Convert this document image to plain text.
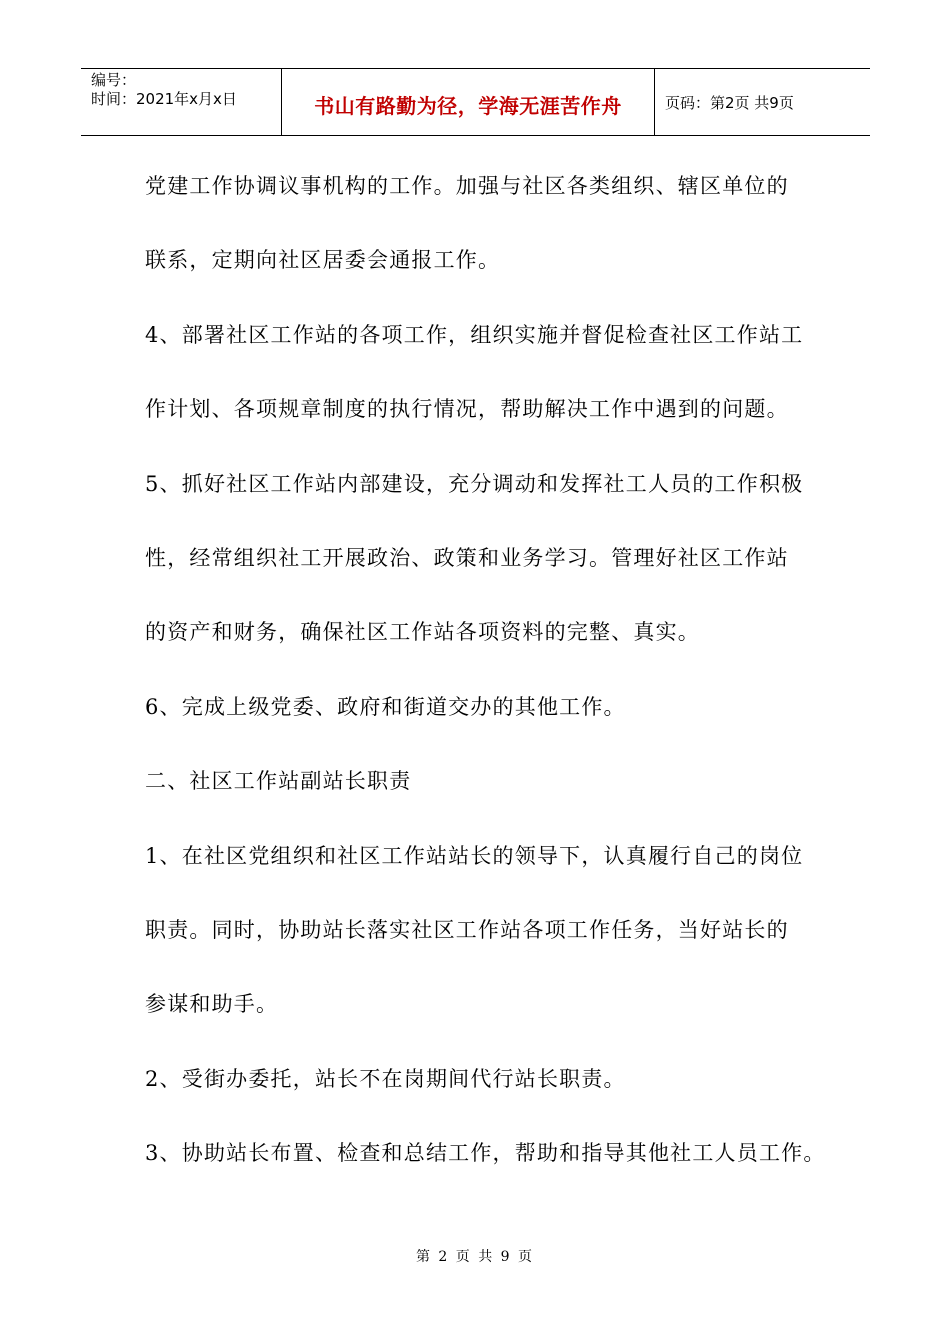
编号：
时间：2021年x月x日	书山有路勤为径，学海无涯苦作舟	页码：第2页 共9页
党建工作协调议事机构的工作。加强与社区各类组织、辖区单位的
联系，定期向社区居委会通报工作。
4、部署社区工作站的各项工作，组织实施并督促检查社区工作站工
作计划、各项规章制度的执行情况，帮助解决工作中遇到的问题。
5、抓好社区工作站内部建设，充分调动和发挥社工人员的工作积极
性，经常组织社工开展政治、政策和业务学习。管理好社区工作站
的资产和财务，确保社区工作站各项资料的完整、真实。
6、完成上级党委、政府和街道交办的其他工作。
二、社区工作站副站长职责
1、在社区党组织和社区工作站站长的领导下，认真履行自己的岗位
职责。同时，协助站长落实社区工作站各项工作任务，当好站长的
参谋和助手。
2、受街办委托，站长不在岗期间代行站长职责。
3、协助站长布置、检查和总结工作，帮助和指导其他社工人员工作。
第 2 页 共 9 页
